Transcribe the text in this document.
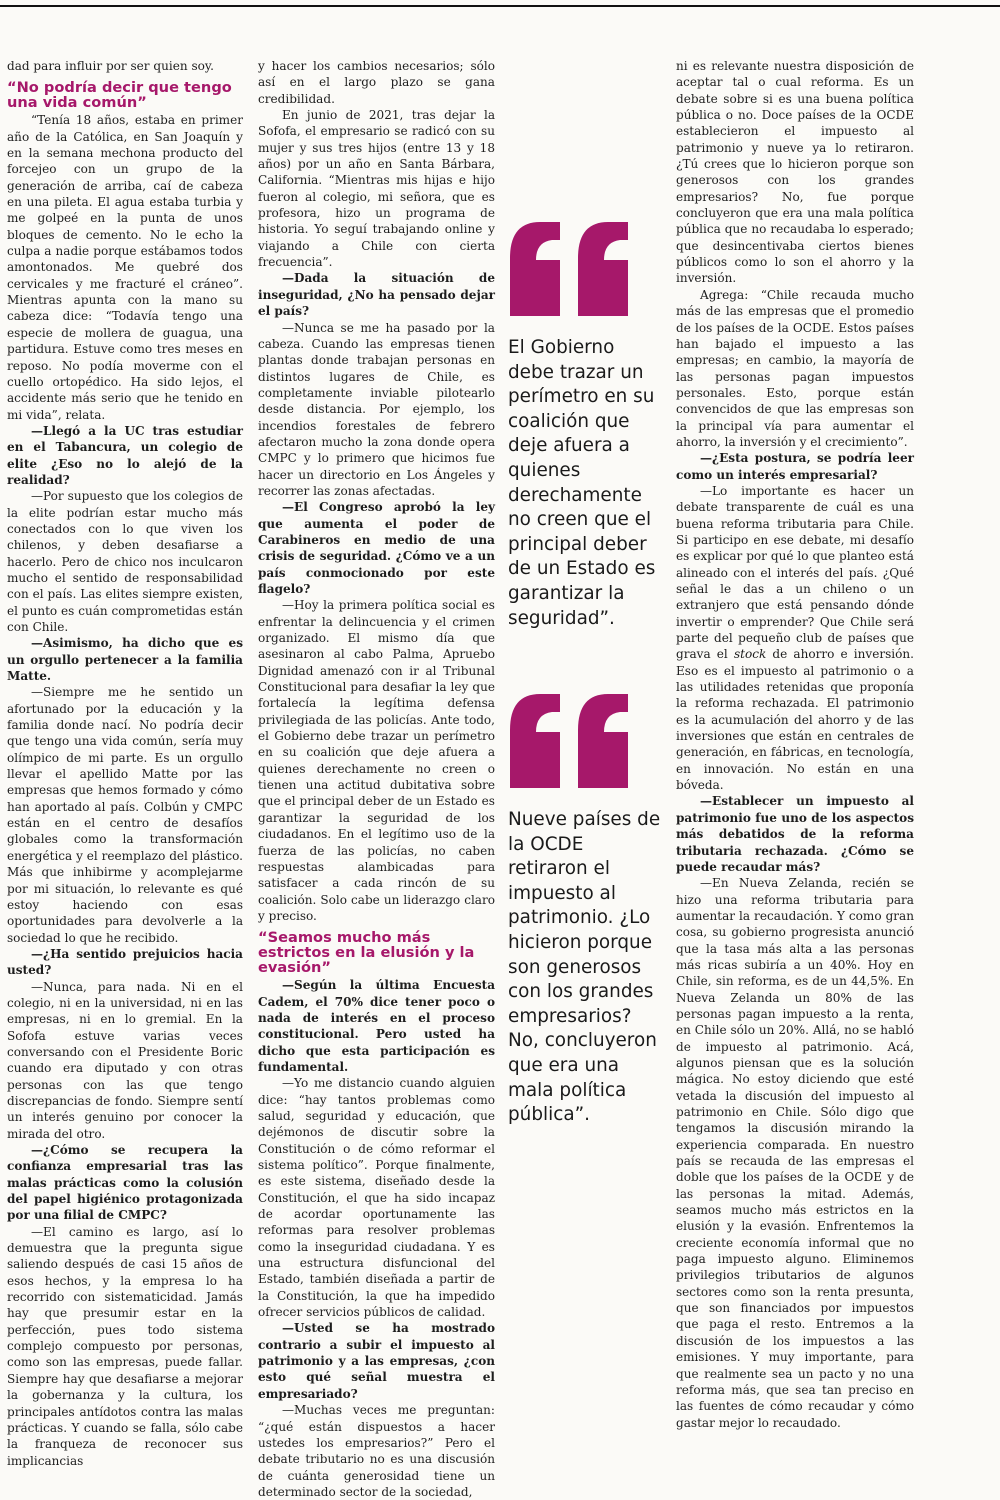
dad para influir por ser quien soy.

“No podría decir que tengo una vida común”

“Tenía 18 años, estaba en primer año de la Católica, en San Joaquín y en la semana mechona producto del forcejeo con un grupo de la generación de arriba, caí de cabeza en una pileta. El agua estaba turbia y me golpeé en la punta de unos bloques de cemento. No le echo la culpa a nadie porque estábamos todos amontonados. Me quebré dos cervicales y me fracturé el cráneo”. Mientras apunta con la mano su cabeza dice: “Todavía tengo una especie de mollera de guagua, una partidura. Estuve como tres meses en reposo. No podía moverme con el cuello ortopédico. Ha sido lejos, el accidente más serio que he tenido en mi vida”, relata.

—Llegó a la UC tras estudiar en el Tabancura, un colegio de elite ¿Eso no lo alejó de la realidad?

—Por supuesto que los colegios de la elite podrían estar mucho más conectados con lo que viven los chilenos, y deben desafiarse a hacerlo. Pero de chico nos inculcaron mucho el sentido de responsabilidad con el país. Las elites siempre existen, el punto es cuán comprometidas están con Chile.

—Asimismo, ha dicho que es un orgullo pertenecer a la familia Matte.

—Siempre me he sentido un afortunado por la educación y la familia donde nací. No podría decir que tengo una vida común, sería muy olímpico de mi parte. Es un orgullo llevar el apellido Matte por las empresas que hemos formado y cómo han aportado al país. Colbún y CMPC están en el centro de desafíos globales como la transformación energética y el reemplazo del plástico. Más que inhibirme y acomplejarme por mi situación, lo relevante es qué estoy haciendo con esas oportunidades para devolverle a la sociedad lo que he recibido.

—¿Ha sentido prejuicios hacia usted?

—Nunca, para nada. Ni en el colegio, ni en la universidad, ni en las empresas, ni en lo gremial. En la Sofofa estuve varias veces conversando con el Presidente Boric cuando era diputado y con otras personas con las que tengo discrepancias de fondo. Siempre sentí un interés genuino por conocer la mirada del otro.

—¿Cómo se recupera la confianza empresarial tras las malas prácticas como la colusión del papel higiénico protagonizada por una filial de CMPC?

—El camino es largo, así lo demuestra que la pregunta sigue saliendo después de casi 15 años de esos hechos, y la empresa lo ha recorrido con sistematicidad. Jamás hay que presumir estar en la perfección, pues todo sistema complejo compuesto por personas, como son las empresas, puede fallar. Siempre hay que desafiarse a mejorar la gobernanza y la cultura, los principales antídotos contra las malas prácticas. Y cuando se falla, sólo cabe la franqueza de reconocer sus implicancias

y hacer los cambios necesarios; sólo así en el largo plazo se gana credibilidad.

En junio de 2021, tras dejar la Sofofa, el empresario se radicó con su mujer y sus tres hijos (entre 13 y 18 años) por un año en Santa Bárbara, California. “Mientras mis hijas e hijo fueron al colegio, mi señora, que es profesora, hizo un programa de historia. Yo seguí trabajando online y viajando a Chile con cierta frecuencia”.

—Dada la situación de inseguridad, ¿No ha pensado dejar el país?

—Nunca se me ha pasado por la cabeza. Cuando las empresas tienen plantas donde trabajan personas en distintos lugares de Chile, es completamente inviable pilotearlo desde distancia. Por ejemplo, los incendios forestales de febrero afectaron mucho la zona donde opera CMPC y lo primero que hicimos fue hacer un directorio en Los Ángeles y recorrer las zonas afectadas.

—El Congreso aprobó la ley que aumenta el poder de Carabineros en medio de una crisis de seguridad. ¿Cómo ve a un país conmocionado por este flagelo?

—Hoy la primera política social es enfrentar la delincuencia y el crimen organizado. El mismo día que asesinaron al cabo Palma, Apruebo Dignidad amenazó con ir al Tribunal Constitucional para desafiar la ley que fortalecía la legítima defensa privilegiada de las policías. Ante todo, el Gobierno debe trazar un perímetro en su coalición que deje afuera a quienes derechamente no creen o tienen una actitud dubitativa sobre que el principal deber de un Estado es garantizar la seguridad de los ciudadanos. En el legítimo uso de la fuerza de las policías, no caben respuestas alambicadas para satisfacer a cada rincón de su coalición. Solo cabe un liderazgo claro y preciso.

“Seamos mucho más estrictos en la elusión y la evasión”

—Según la última Encuesta Cadem, el 70% dice tener poco o nada de interés en el proceso constitucional. Pero usted ha dicho que esta participación es fundamental.

—Yo me distancio cuando alguien dice: “hay tantos problemas como salud, seguridad y educación, que dejémonos de discutir sobre la Constitución o de cómo reformar el sistema político”. Porque finalmente, es este sistema, diseñado desde la Constitución, el que ha sido incapaz de acordar oportunamente las reformas para resolver problemas como la inseguridad ciudadana. Y es una estructura disfuncional del Estado, también diseñada a partir de la Constitución, la que ha impedido ofrecer servicios públicos de calidad.

—Usted se ha mostrado contrario a subir el impuesto al patrimonio y a las empresas, ¿con esto qué señal muestra el empresariado?

—Muchas veces me preguntan: “¿qué están dispuestos a hacer ustedes los empresarios?” Pero el debate tributario no es una discusión de cuánta generosidad tiene un determinado sector de la sociedad,

El Gobierno debe trazar un perímetro en su coalición que deje afuera a quienes derechamente no creen que el principal deber de un Estado es garantizar la seguridad”.
Nueve países de la OCDE retiraron el impuesto al patrimonio. ¿Lo hicieron porque son generosos con los grandes empresarios? No, concluyeron que era una mala política pública”.

ni es relevante nuestra disposición de aceptar tal o cual reforma. Es un debate sobre si es una buena política pública o no. Doce países de la OCDE establecieron el impuesto al patrimonio y nueve ya lo retiraron. ¿Tú crees que lo hicieron porque son generosos con los grandes empresarios? No, fue porque concluyeron que era una mala política pública que no recaudaba lo esperado; que desincentivaba ciertos bienes públicos como lo son el ahorro y la inversión.

Agrega: “Chile recauda mucho más de las empresas que el promedio de los países de la OCDE. Estos países han bajado el impuesto a las empresas; en cambio, la mayoría de las personas pagan impuestos personales. Esto, porque están convencidos de que las empresas son la principal vía para aumentar el ahorro, la inversión y el crecimiento”.

—¿Esta postura, se podría leer como un interés empresarial?

—Lo importante es hacer un debate transparente de cuál es una buena reforma tributaria para Chile. Si participo en ese debate, mi desafío es explicar por qué lo que planteo está alineado con el interés del país. ¿Qué señal le das a un chileno o un extranjero que está pensando dónde invertir o emprender? Que Chile será parte del pequeño club de países que grava el stock de ahorro e inversión. Eso es el impuesto al patrimonio o a las utilidades retenidas que proponía la reforma rechazada. El patrimonio es la acumulación del ahorro y de las inversiones que están en centrales de generación, en fábricas, en tecnología, en innovación. No están en una bóveda.

—Establecer un impuesto al patrimonio fue uno de los aspectos más debatidos de la reforma tributaria rechazada. ¿Cómo se puede recaudar más?

—En Nueva Zelanda, recién se hizo una reforma tributaria para aumentar la recaudación. Y como gran cosa, su gobierno progresista anunció que la tasa más alta a las personas más ricas subiría a un 40%. Hoy en Chile, sin reforma, es de un 44,5%. En Nueva Zelanda un 80% de las personas pagan impuesto a la renta, en Chile sólo un 20%. Allá, no se habló de impuesto al patrimonio. Acá, algunos piensan que es la solución mágica. No estoy diciendo que esté vetada la discusión del impuesto al patrimonio en Chile. Sólo digo que tengamos la discusión mirando la experiencia comparada. En nuestro país se recauda de las empresas el doble que los países de la OCDE y de las personas la mitad. Además, seamos mucho más estrictos en la elusión y la evasión. Enfrentemos la creciente economía informal que no paga impuesto alguno. Eliminemos privilegios tributarios de algunos sectores como son la renta presunta, que son financiados por impuestos que paga el resto. Entremos a la discusión de los impuestos a las emisiones. Y muy importante, para que realmente sea un pacto y no una reforma más, que sea tan preciso en las fuentes de cómo recaudar y cómo gastar mejor lo recaudado.
